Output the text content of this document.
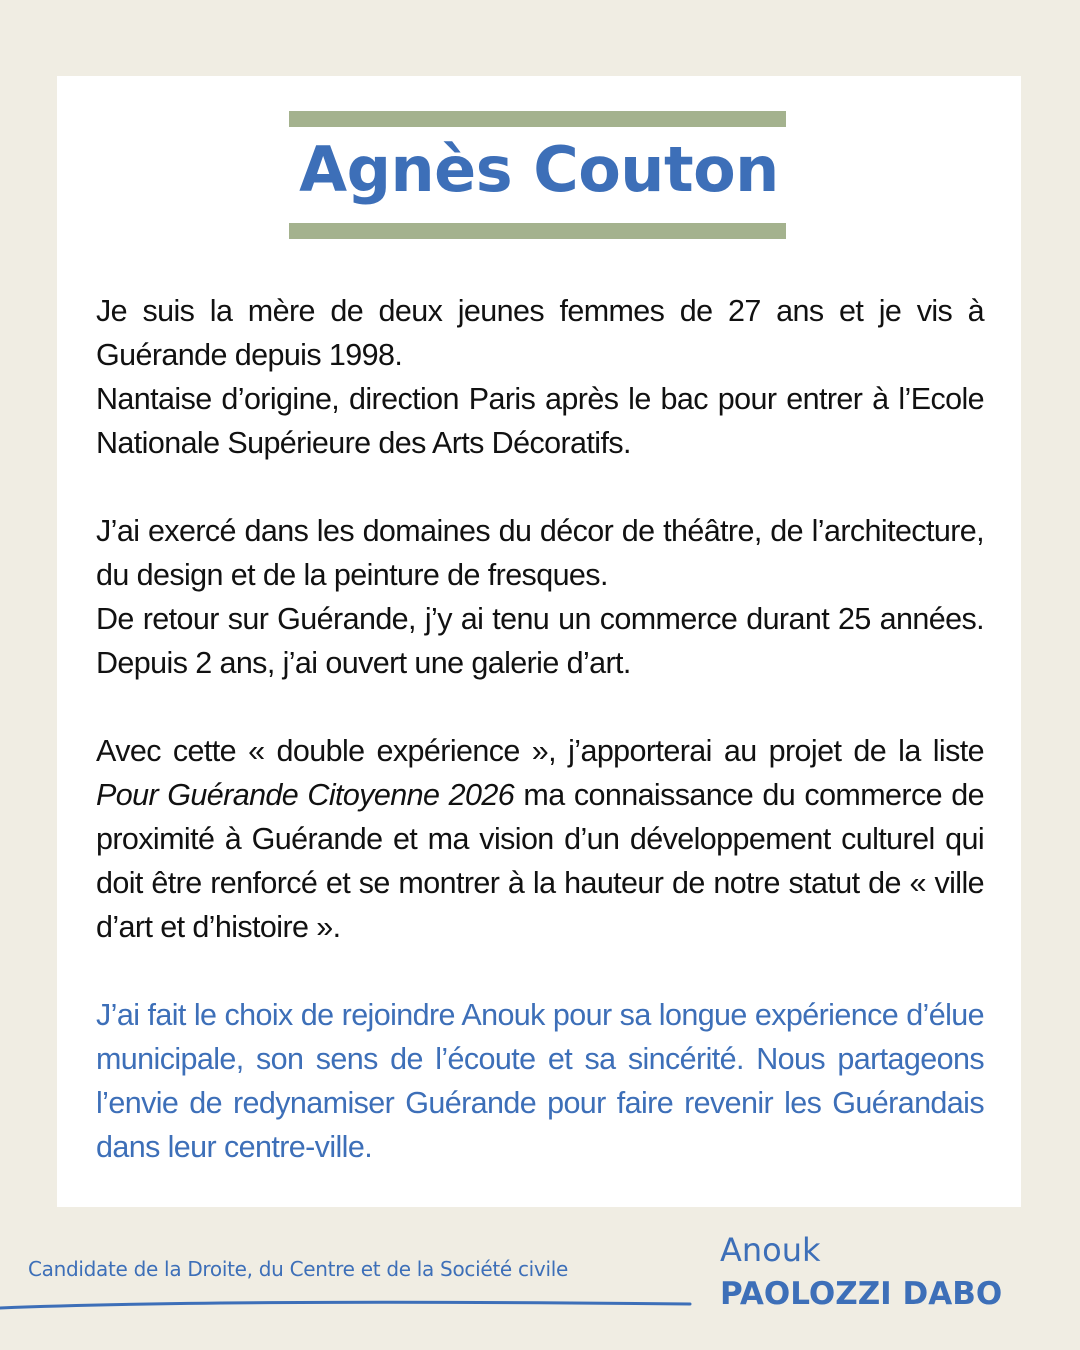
Agnès Couton

Je suis la mère de deux jeunes femmes de 27 ans et je vis à Guérande depuis 1998.

Nantaise d’origine, direction Paris après le bac pour entrer à l’Ecole Nationale Supérieure des Arts Décoratifs.

J’ai exercé dans les domaines du décor de théâtre, de l’architecture, du design et de la peinture de fresques.

De retour sur Guérande, j’y ai tenu un commerce durant 25 années. Depuis 2 ans, j’ai ouvert une galerie d’art.

Avec cette « double expérience », j’apporterai au projet de la liste Pour Guérande Citoyenne 2026 ma connaissance du commerce de proximité à Guérande et ma vision d’un développement culturel qui doit être renforcé et se montrer à la hauteur de notre statut de « ville d’art et d’histoire ».

J’ai fait le choix de rejoindre Anouk pour sa longue expérience d’élue municipale, son sens de l’écoute et sa sincérité. Nous partageons l’envie de redynamiser Guérande pour faire revenir les Guérandais dans leur centre-ville.

Candidate de la Droite, du Centre et de la Société civile	Anouk
PAOLOZZI DABO
